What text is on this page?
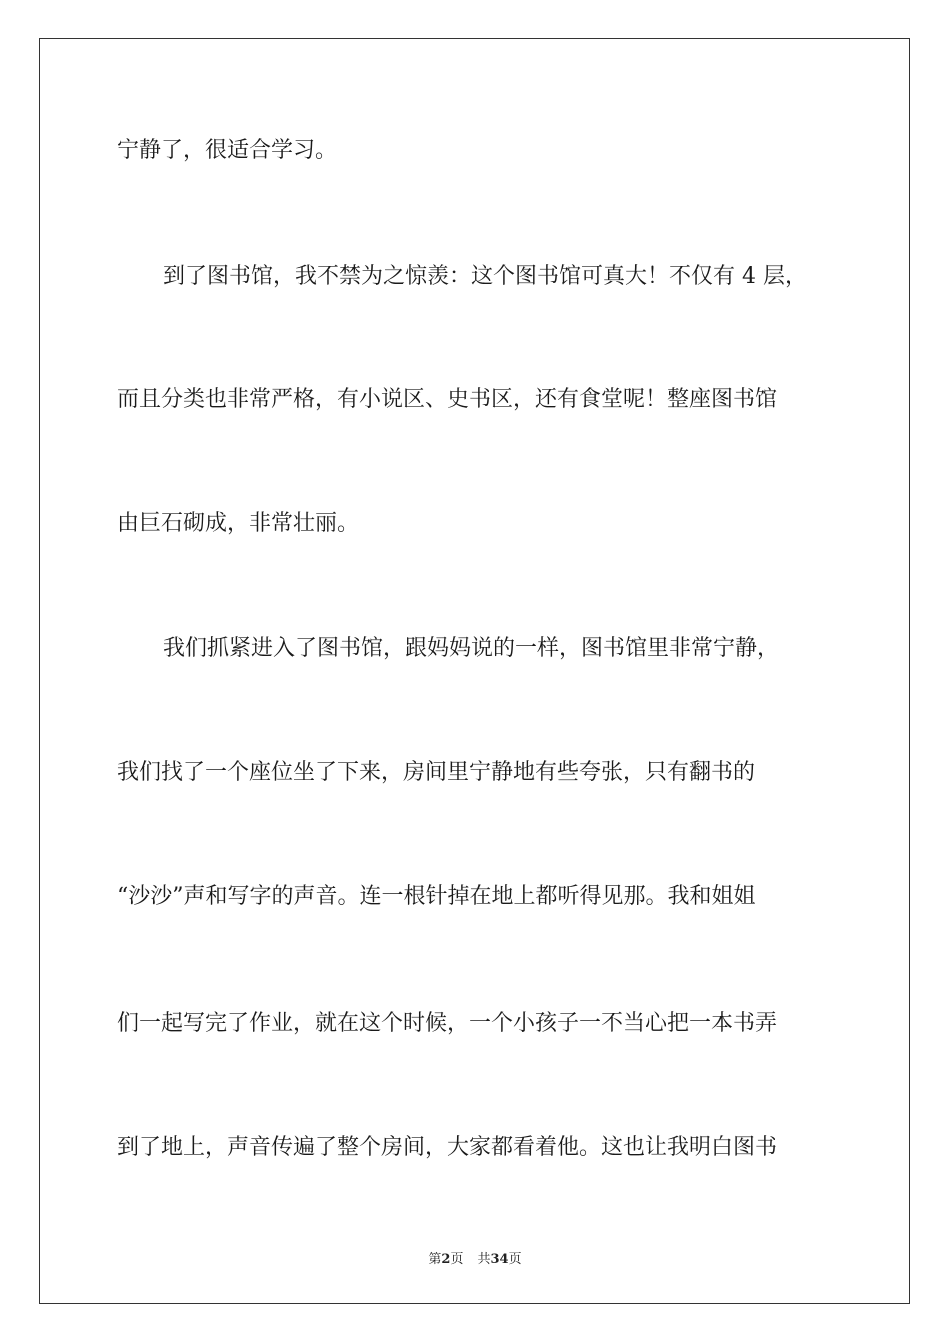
宁静了，很适合学习。

到了图书馆，我不禁为之惊羡：这个图书馆可真大！不仅有 4 层，

而且分类也非常严格，有小说区、史书区，还有食堂呢！整座图书馆

由巨石砌成，非常壮丽。

我们抓紧进入了图书馆，跟妈妈说的一样，图书馆里非常宁静，

我们找了一个座位坐了下来，房间里宁静地有些夸张，只有翻书的

“沙沙”声和写字的声音。连一根针掉在地上都听得见那。我和姐姐

们一起写完了作业，就在这个时候，一个小孩子一不当心把一本书弄

到了地上，声音传遍了整个房间，大家都看着他。这也让我明白图书

第2页 共34页
